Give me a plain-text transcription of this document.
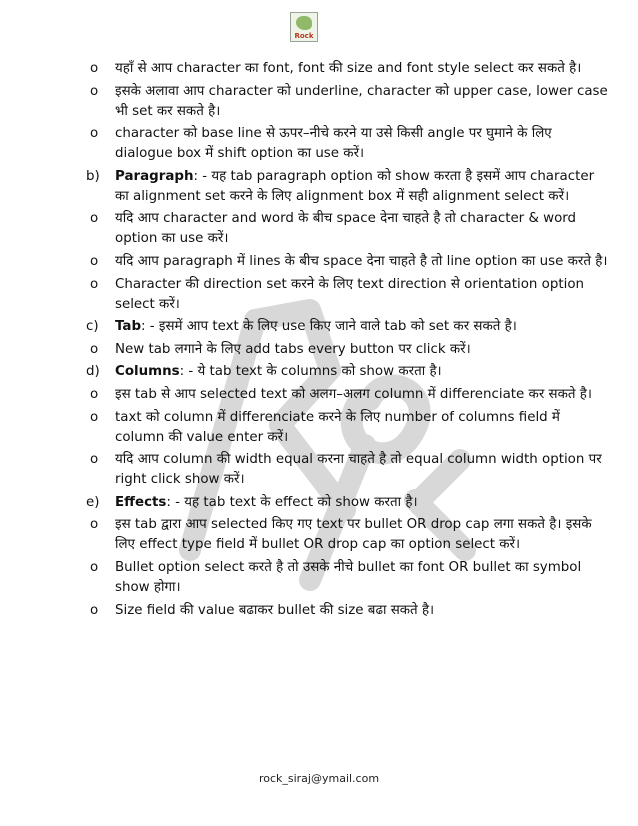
Rock
o यहाँ से आप character का font, font की size and font style select कर सकते है।
o इसके अलावा आप character को underline, character को upper case, lower case भी set कर सकते है।
o character को base line से ऊपर–नीचे करने या उसे किसी angle पर घुमाने के लिए dialogue box में shift option का use करें।
b) Paragraph: - यह tab paragraph option को show करता है इसमें आप character का alignment set करने के लिए alignment box में सही alignment select करें।
o यदि आप character and word के बीच space देना चाहते है तो character & word option का use करें।
o यदि आप paragraph में lines के बीच space देना चाहते है तो line option का use करते है।
o Character की direction set करने के लिए text direction से orientation option select करें।
c) Tab: - इसमें आप text के लिए use किए जाने वाले tab को set कर सकते है।
o New tab लगाने के लिए add tabs every button पर click करें।
d) Columns: - ये tab text के columns को show करता है।
o इस tab से आप selected text को अलग–अलग column में differenciate कर सकते है।
o taxt को column में differenciate करने के लिए number of columns field में column की value enter करें।
o यदि आप column की width equal करना चाहते है तो equal column width option पर right click show करें।
e) Effects: - यह tab text के effect को show करता है।
o इस tab द्वारा आप selected किए गए text पर bullet OR drop cap लगा सकते है। इसके लिए effect type field में bullet OR drop cap का option select करें।
o Bullet option select करते है तो उसके नीचे bullet का font OR bullet का symbol show होगा।
o Size field की value बढाकर bullet की size बढा सकते है।
rock_siraj@ymail.com
